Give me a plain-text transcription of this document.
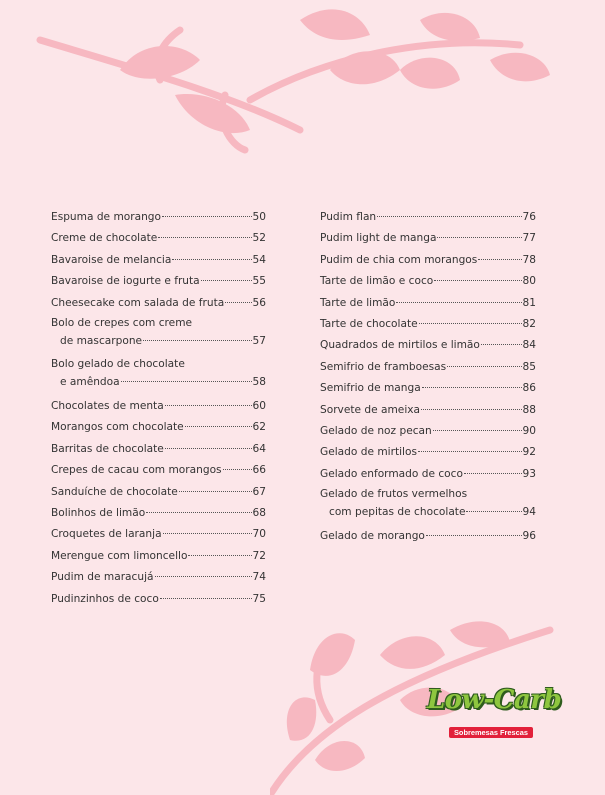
Espuma de morango	50
Creme de chocolate	52
Bavaroise de melancia	54
Bavaroise de iogurte e fruta	55
Cheesecake com salada de fruta	56
Bolo de crepes com creme
de mascarpone	57
Bolo gelado de chocolate
e amêndoa	58
Chocolates de menta	60
Morangos com chocolate	62
Barritas de chocolate	64
Crepes de cacau com morangos	66
Sanduíche de chocolate	67
Bolinhos de limão	68
Croquetes de laranja	70
Merengue com limoncello	72
Pudim de maracujá	74
Pudinzinhos de coco	75
Pudim flan	76
Pudim light de manga	77
Pudim de chia com morangos	78
Tarte de limão e coco	80
Tarte de limão	81
Tarte de chocolate	82
Quadrados de mirtilos e limão	84
Semifrio de framboesas	85
Semifrio de manga	86
Sorvete de ameixa	88
Gelado de noz pecan	90
Gelado de mirtilos	92
Gelado enformado de coco	93
Gelado de frutos vermelhos
com pepitas de chocolate	94
Gelado de morango	96
Low-Carb
Sobremesas Frescas
